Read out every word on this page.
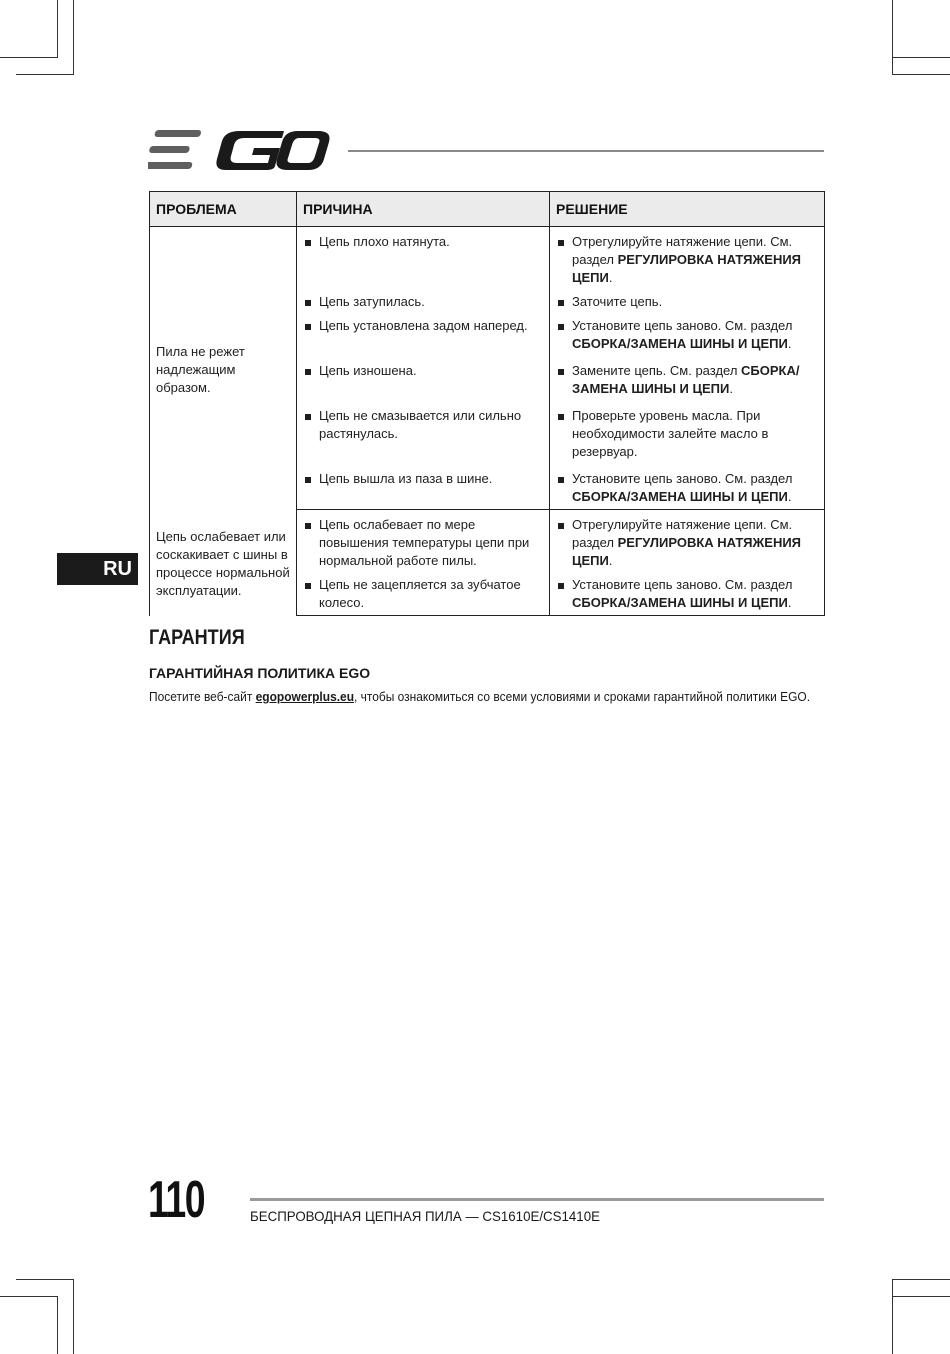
ПРОБЛЕМА	ПРИЧИНА	РЕШЕНИЕ
Пила не режет надлежащим образом.	Цепь плохо натянута.	Отрегулируйте натяжение цепи. См. раздел РЕГУЛИРОВКА НАТЯЖЕНИЯ ЦЕПИ.

	Цепь затупилась.	Заточите цепь.

	Цепь установлена задом наперед.	Установите цепь заново. См. раздел СБОРКА/ЗАМЕНА ШИНЫ И ЦЕПИ.

	Цепь изношена.	Замените цепь. См. раздел СБОРКА/ ЗАМЕНА ШИНЫ И ЦЕПИ.

	Цепь не смазывается или сильно растянулась.	Проверьте уровень масла. При необходимости залейте масло в резервуар.

	Цепь вышла из паза в шине.	Установите цепь заново. См. раздел СБОРКА/ЗАМЕНА ШИНЫ И ЦЕПИ.

Цепь ослабевает или соскакивает с шины в процессе нормальной эксплуатации.	Цепь ослабевает по мере повышения температуры цепи при нормальной работе пилы.	Отрегулируйте натяжение цепи. См. раздел РЕГУЛИРОВКА НАТЯЖЕНИЯ ЦЕПИ.

	Цепь не зацепляется за зубчатое колесо.	Установите цепь заново. См. раздел СБОРКА/ЗАМЕНА ШИНЫ И ЦЕПИ.
RU
ГАРАНТИЯ
ГАРАНТИЙНАЯ ПОЛИТИКА EGO

Посетите веб-сайт egopowerplus.eu, чтобы ознакомиться со всеми условиями и сроками гарантийной политики EGO.

110	БЕСПРОВОДНАЯ ЦЕПНАЯ ПИЛА — CS1610E/CS1410E
